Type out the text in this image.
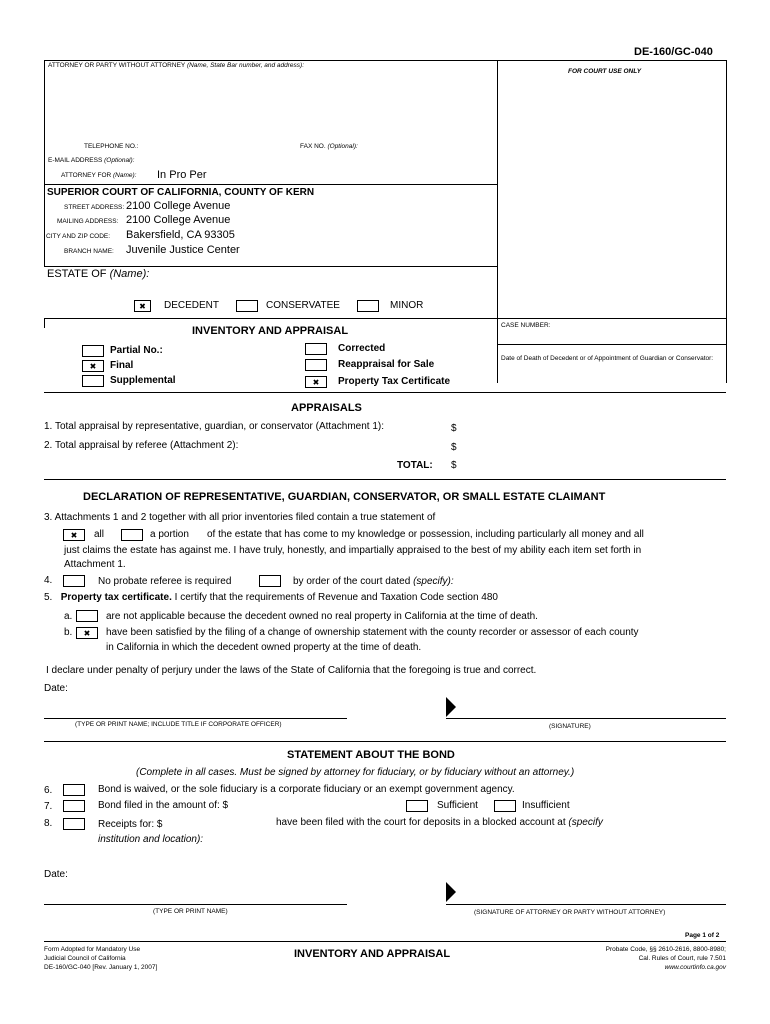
DE-160/GC-040
ATTORNEY OR PARTY WITHOUT ATTORNEY (Name, State Bar number, and address):
FOR COURT USE ONLY
TELEPHONE NO.:	FAX NO. (Optional):
E-MAIL ADDRESS (Optional):
ATTORNEY FOR (Name): In Pro Per
SUPERIOR COURT OF CALIFORNIA, COUNTY OF KERN
STREET ADDRESS: 2100 College Avenue
MAILING ADDRESS: 2100 College Avenue
CITY AND ZIP CODE: Bakersfield, CA 93305
BRANCH NAME: Juvenile Justice Center
ESTATE OF (Name):
✖
DECEDENT	CONSERVATEE	MINOR
INVENTORY AND APPRAISAL	CASE NUMBER:
Date of Death of Decedent or of Appointment of Guardian or Conservator:
Partial No.:
✖
Final
Supplemental
Corrected
Reappraisal for Sale
✖
Property Tax Certificate
APPRAISALS
1. Total appraisal by representative, guardian, or conservator (Attachment 1):	$
2. Total appraisal by referee (Attachment 2):	$
TOTAL: $
DECLARATION OF REPRESENTATIVE, GUARDIAN, CONSERVATOR, OR SMALL ESTATE CLAIMANT
3. Attachments 1 and 2 together with all prior inventories filed contain a true statement of
✖
all	a portion of the estate that has come to my knowledge or possession, including particularly all money and all
just claims the estate has against me. I have truly, honestly, and impartially appraised to the best of my ability each item set forth in
Attachment 1.
4.	No probate referee is required	by order of the court dated (specify):
5. Property tax certificate. I certify that the requirements of Revenue and Taxation Code section 480
a.	are not applicable because the decedent owned no real property in California at the time of death.
b.
✖	have been satisfied by the filing of a change of ownership statement with the county recorder or assessor of each county
in California in which the decedent owned property at the time of death.
I declare under penalty of perjury under the laws of the State of California that the foregoing is true and correct.
Date:
(TYPE OR PRINT NAME; INCLUDE TITLE IF CORPORATE OFFICER)	(SIGNATURE)
STATEMENT ABOUT THE BOND
(Complete in all cases. Must be signed by attorney for fiduciary, or by fiduciary without an attorney.)
6.	Bond is waived, or the sole fiduciary is a corporate fiduciary or an exempt government agency.
7.	Bond filed in the amount of: $	Sufficient	Insufficient
8.	Receipts for: $	have been filed with the court for deposits in a blocked account at (specify
institution and location):
Date:
(TYPE OR PRINT NAME)	(SIGNATURE OF ATTORNEY OR PARTY WITHOUT ATTORNEY)
Page 1 of 2
Form Adopted for Mandatory Use
Judicial Council of California
DE-160/GC-040 [Rev. January 1, 2007]
INVENTORY AND APPRAISAL	Probate Code, §§ 2610-2616, 8800-8980;
Cal. Rules of Court, rule 7.501
www.courtinfo.ca.gov
